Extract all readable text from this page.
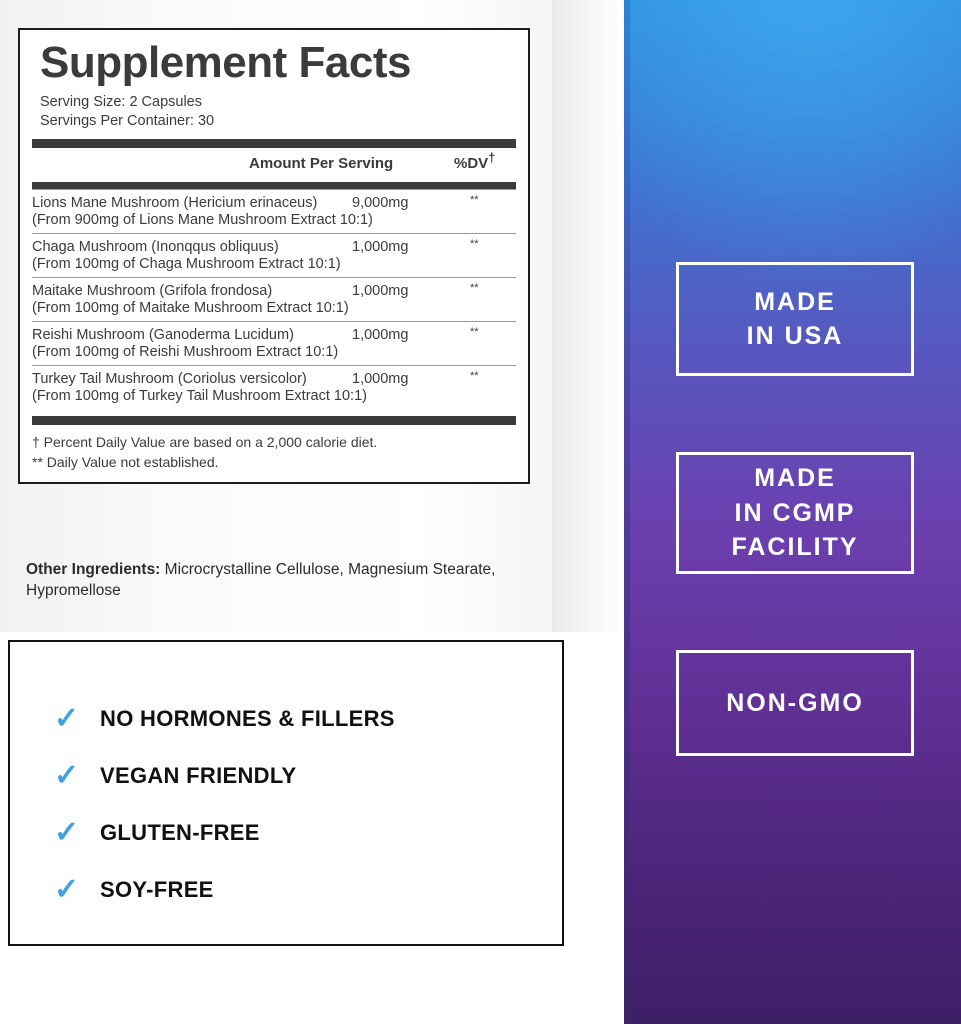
Supplement Facts
Serving Size: 2 Capsules
Servings Per Container: 30
Amount Per Serving	%DV†
Lions Mane Mushroom (Hericium erinaceus)	9,000mg	**
(From 900mg of Lions Mane Mushroom Extract 10:1)
Chaga Mushroom (Inonqqus obliquus)	1,000mg	**
(From 100mg of Chaga Mushroom Extract 10:1)
Maitake Mushroom (Grifola frondosa)	1,000mg	**
(From 100mg of Maitake Mushroom Extract 10:1)
Reishi Mushroom (Ganoderma Lucidum)	1,000mg	**
(From 100mg of Reishi Mushroom Extract 10:1)
Turkey Tail Mushroom (Coriolus versicolor)	1,000mg	**
(From 100mg of Turkey Tail Mushroom Extract 10:1)
† Percent Daily Value are based on a 2,000 calorie diet.
** Daily Value not established.
Other Ingredients: Microcrystalline Cellulose, Magnesium Stearate, Hypromellose
✓ NO HORMONES & FILLERS
✓ VEGAN FRIENDLY
✓ GLUTEN-FREE
✓ SOY-FREE
MADE
IN USA
MADE
IN CGMP
FACILITY
NON-GMO
